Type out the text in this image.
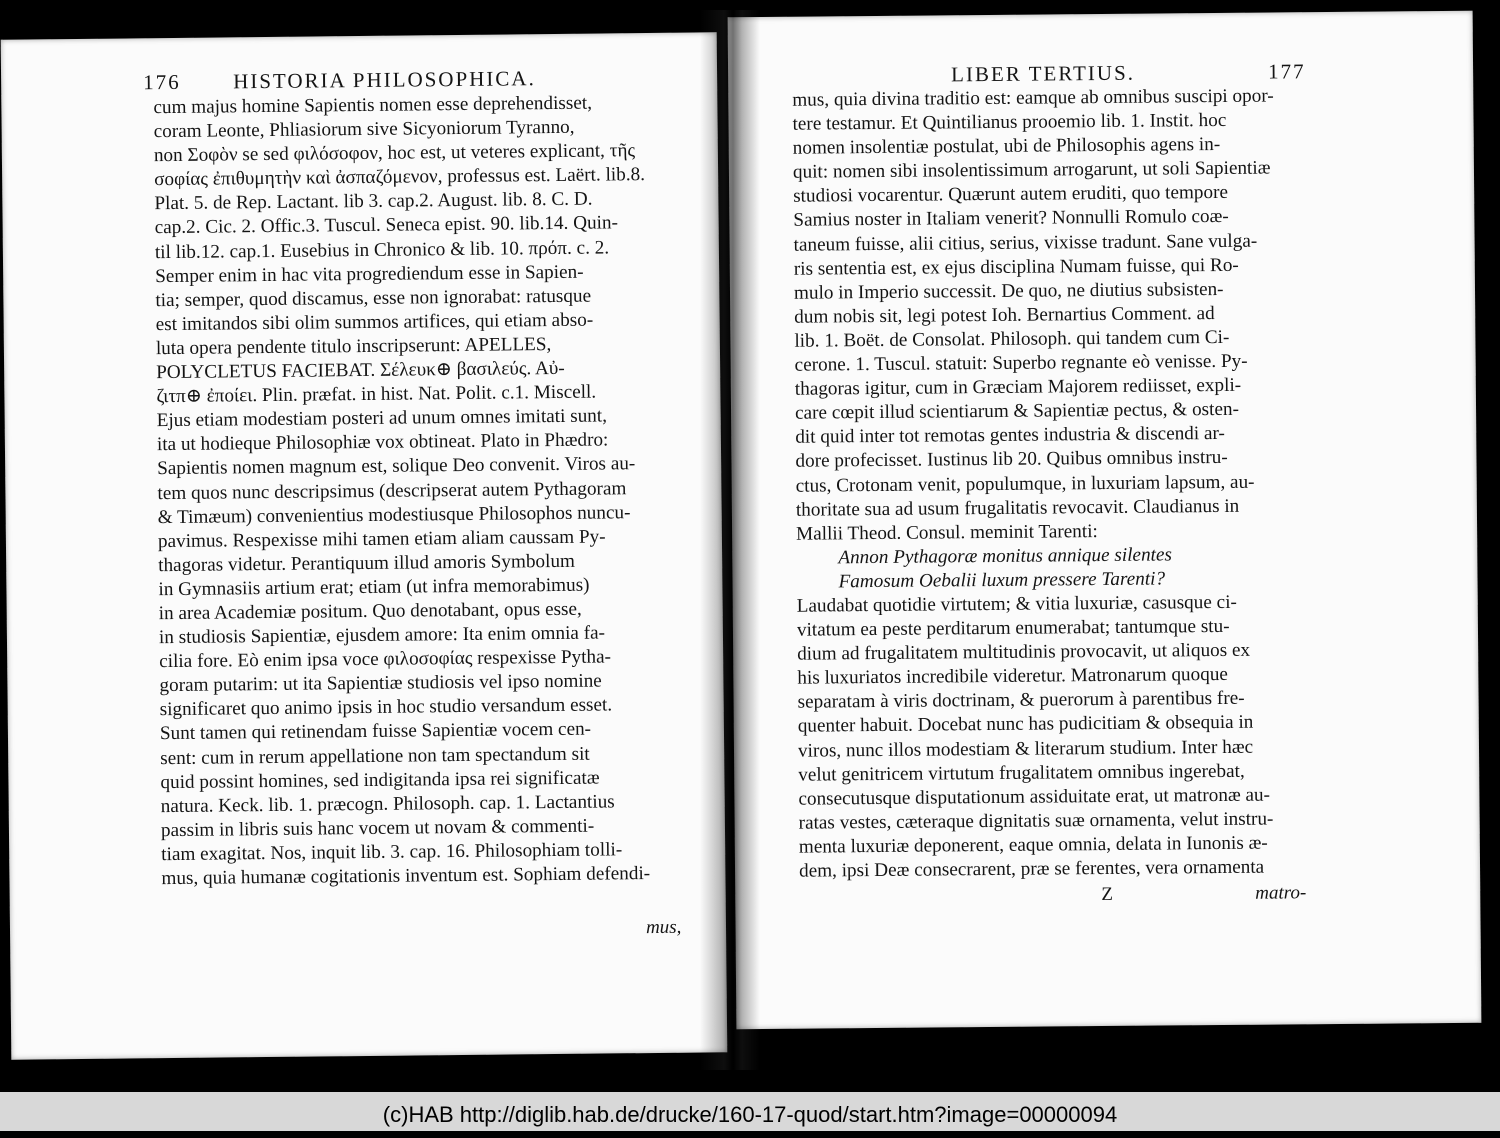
176 HISTORIA PHILOSOPHICA.
cum majus homine Sapientis nomen esse deprehendisset,
coram Leonte, Phliasiorum sive Sicyoniorum Tyranno,
non Σοφὸν se sed φιλόσοφον, hoc est, ut veteres explicant, τῆς
σοφίας ἐπιθυμητὴν καὶ ἀσπαζόμενον, professus est. Laërt. lib.8.
Plat. 5. de Rep. Lactant. lib 3. cap.2. August. lib. 8. C. D.
cap.2. Cic. 2. Offic.3. Tuscul. Seneca epist. 90. lib.14. Quin-
til lib.12. cap.1. Eusebius in Chronico & lib. 10. πρόπ. c. 2.
Semper enim in hac vita progrediendum esse in Sapien-
tia; semper, quod discamus, esse non ignorabat: ratusque
est imitandos sibi olim summos artifices, qui etiam abso-
luta opera pendente titulo inscripserunt: APELLES,
POLYCLETUS FACIEBAT. Σέλευκ⊕ βασιλεύς. Αὐ-
ζιτπ⊕ ἐποίει. Plin. præfat. in hist. Nat. Polit. c.1. Miscell.
Ejus etiam modestiam posteri ad unum omnes imitati sunt,
ita ut hodieque Philosophiæ vox obtineat. Plato in Phædro:
Sapientis nomen magnum est, solique Deo convenit. Viros au-
tem quos nunc descripsimus (descripserat autem Pythagoram
& Timæum) convenientius modestiusque Philosophos nuncu-
pavimus. Respexisse mihi tamen etiam aliam caussam Py-
thagoras videtur. Perantiquum illud amoris Symbolum
in Gymnasiis artium erat; etiam (ut infra memorabimus)
in area Academiæ positum. Quo denotabant, opus esse,
in studiosis Sapientiæ, ejusdem amore: Ita enim omnia fa-
cilia fore. Eò enim ipsa voce φιλοσοφίας respexisse Pytha-
goram putarim: ut ita Sapientiæ studiosis vel ipso nomine
significaret quo animo ipsis in hoc studio versandum esset.
Sunt tamen qui retinendam fuisse Sapientiæ vocem cen-
sent: cum in rerum appellatione non tam spectandum sit
quid possint homines, sed indigitanda ipsa rei significatæ
natura. Keck. lib. 1. præcogn. Philosoph. cap. 1. Lactantius
passim in libris suis hanc vocem ut novam & commenti-
tiam exagitat. Nos, inquit lib. 3. cap. 16. Philosophiam tolli-
mus, quia humanæ cogitationis inventum est. Sophiam defendi-
mus,
LIBER TERTIUS.	177
mus, quia divina traditio est: eamque ab omnibus suscipi opor-
tere testamur. Et Quintilianus prooemio lib. 1. Instit. hoc
nomen insolentiæ postulat, ubi de Philosophis agens in-
quit: nomen sibi insolentissimum arrogarunt, ut soli Sapientiæ
studiosi vocarentur. Quærunt autem eruditi, quo tempore
Samius noster in Italiam venerit? Nonnulli Romulo coæ-
taneum fuisse, alii citius, serius, vixisse tradunt. Sane vulga-
ris sententia est, ex ejus disciplina Numam fuisse, qui Ro-
mulo in Imperio successit. De quo, ne diutius subsisten-
dum nobis sit, legi potest Ioh. Bernartius Comment. ad
lib. 1. Boët. de Consolat. Philosoph. qui tandem cum Ci-
cerone. 1. Tuscul. statuit: Superbo regnante eò venisse. Py-
thagoras igitur, cum in Græciam Majorem rediisset, expli-
care cœpit illud scientiarum & Sapientiæ pectus, & osten-
dit quid inter tot remotas gentes industria & discendi ar-
dore profecisset. Iustinus lib 20. Quibus omnibus instru-
ctus, Crotonam venit, populumque, in luxuriam lapsum, au-
thoritate sua ad usum frugalitatis revocavit. Claudianus in
Mallii Theod. Consul. meminit Tarenti:
Annon Pythagoræ monitus annique silentes
Famosum Oebalii luxum pressere Tarenti?
Laudabat quotidie virtutem; & vitia luxuriæ, casusque ci-
vitatum ea peste perditarum enumerabat; tantumque stu-
dium ad frugalitatem multitudinis provocavit, ut aliquos ex
his luxuriatos incredibile videretur. Matronarum quoque
separatam à viris doctrinam, & puerorum à parentibus fre-
quenter habuit. Docebat nunc has pudicitiam & obsequia in
viros, nunc illos modestiam & literarum studium. Inter hæc
velut genitricem virtutum frugalitatem omnibus ingerebat,
consecutusque disputationum assiduitate erat, ut matronæ au-
ratas vestes, cæteraque dignitatis suæ ornamenta, velut instru-
menta luxuriæ deponerent, eaque omnia, delata in Iunonis æ-
dem, ipsi Deæ consecrarent, præ se ferentes, vera ornamenta
Z	matro-
(c)HAB http://diglib.hab.de/drucke/160-17-quod/start.htm?image=00000094
